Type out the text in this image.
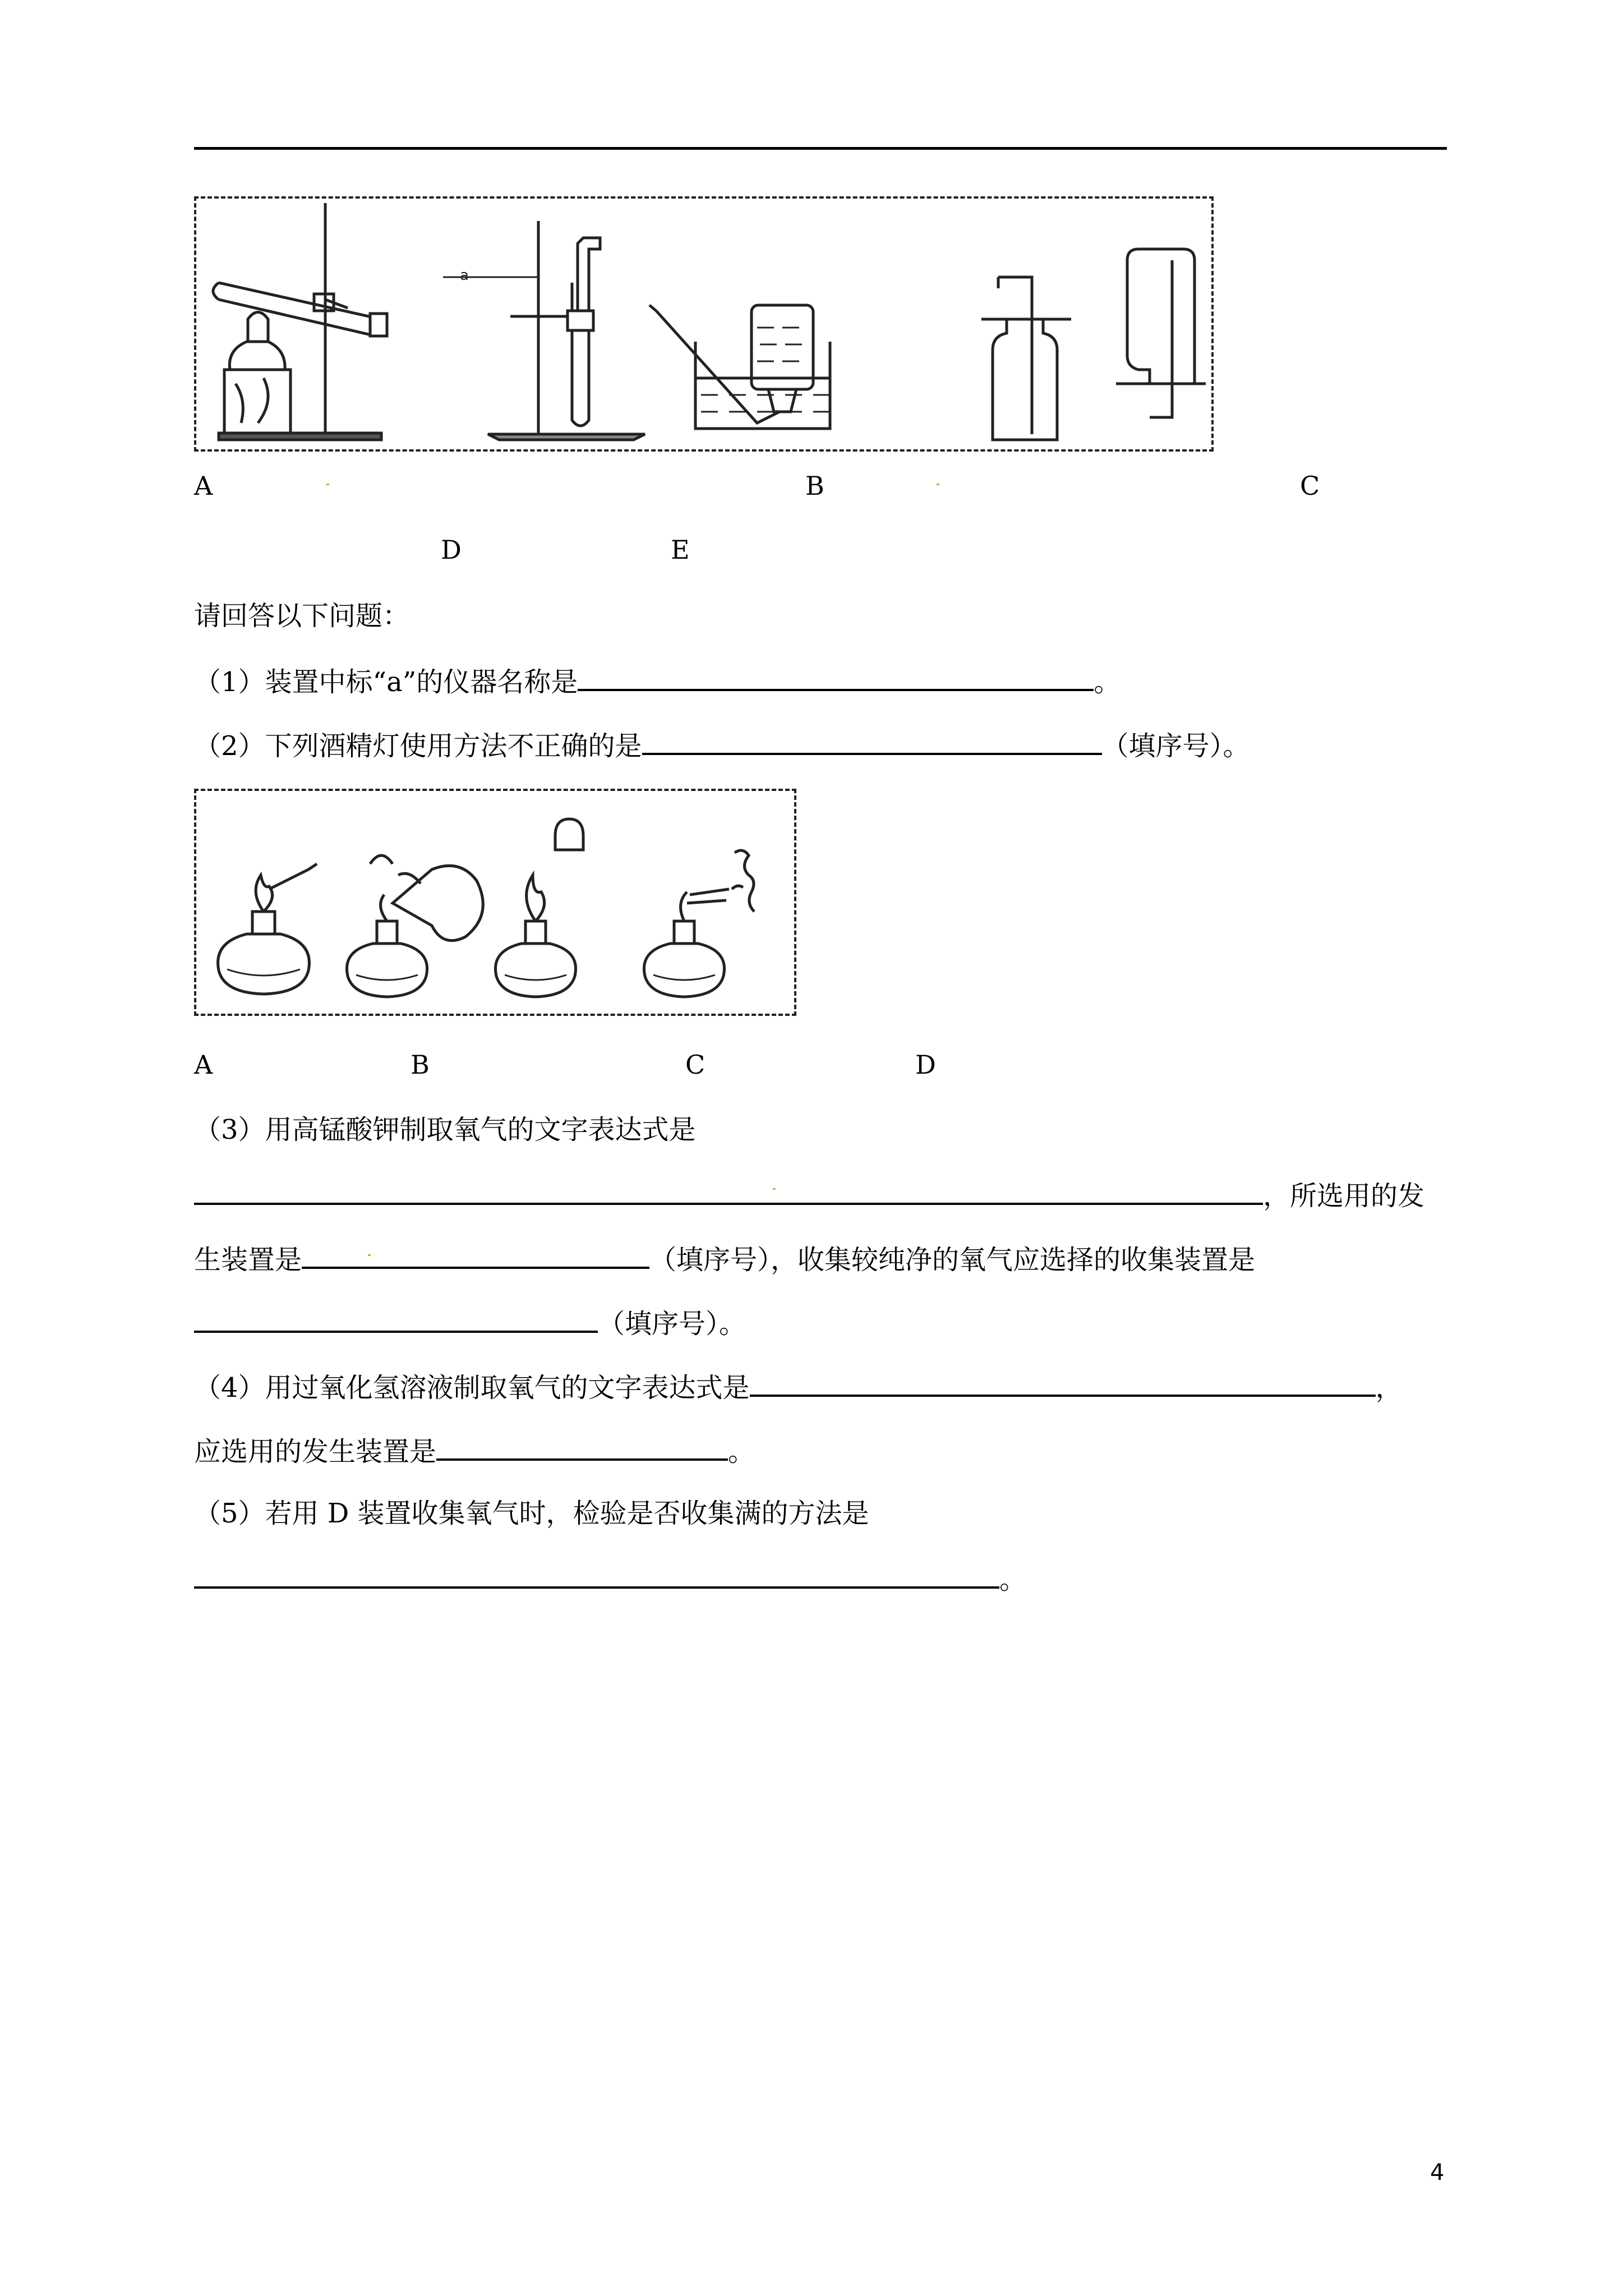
a
A	B	C
D	E
请回答以下问题：
（1）装置中标“a”的仪器名称是	。
（2）下列酒精灯使用方法不正确的是	（填序号）。
A	B	C	D
（3）用高锰酸钾制取氧气的文字表达式是
，所选用的发
生装置是	（填序号），收集较纯净的氧气应选择的收集装置是
（填序号）。
（4）用过氧化氢溶液制取氧气的文字表达式是	，
应选用的发生装置是	。
（5）若用 D 装置收集氧气时，检验是否收集满的方法是
。
4
